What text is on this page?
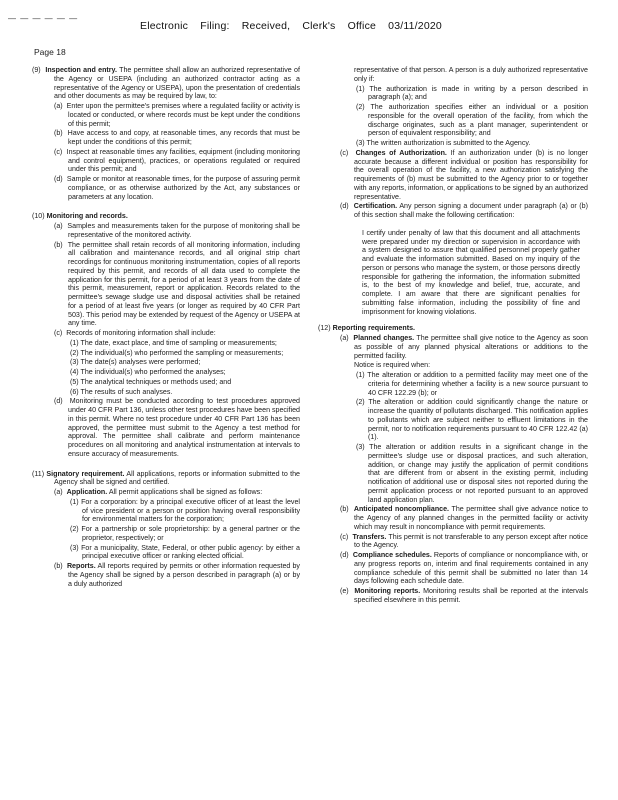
— — — — — —
Electronic Filing: Received, Clerk's Office 03/11/2020
Page 18
(9) Inspection and entry. The permittee shall allow an authorized representative of the Agency or USEPA (including an authorized contractor acting as a representative of the Agency or USEPA), upon the presentation of credentials and other documents as may be required by law, to:
(a) Enter upon the permittee's premises where a regulated facility or activity is located or conducted, or where records must be kept under the conditions of this permit;
(b) Have access to and copy, at reasonable times, any records that must be kept under the conditions of this permit;
(c) Inspect at reasonable times any facilities, equipment (including monitoring and control equipment), practices, or operations regulated or required under this permit; and
(d) Sample or monitor at reasonable times, for the purpose of assuring permit compliance, or as otherwise authorized by the Act, any substances or parameters at any location.
(10) Monitoring and records.
(a) Samples and measurements taken for the purpose of monitoring shall be representative of the monitored activity.
(b) The permittee shall retain records of all monitoring information, including all calibration and maintenance records, and all original strip chart recordings for continuous monitoring instrumentation, copies of all reports required by this permit, and records of all data used to complete the application for this permit, for a period of at least 3 years from the date of this permit, measurement, report or application. Records related to the permittee's sewage sludge use and disposal activities shall be retained for a period of at least five years (or longer as required by 40 CFR Part 503). This period may be extended by request of the Agency or USEPA at any time.
(c) Records of monitoring information shall include:
(1) The date, exact place, and time of sampling or measurements;
(2) The individual(s) who performed the sampling or measurements;
(3) The date(s) analyses were performed;
(4) The individual(s) who performed the analyses;
(5) The analytical techniques or methods used; and
(6) The results of such analyses.
(d) Monitoring must be conducted according to test procedures approved under 40 CFR Part 136, unless other test procedures have been specified in this permit. Where no test procedure under 40 CFR Part 136 has been approved, the permittee must submit to the Agency a test method for approval. The permittee shall calibrate and perform maintenance procedures on all monitoring and analytical instrumentation at intervals to ensure accuracy of measurements.
(11) Signatory requirement. All applications, reports or information submitted to the Agency shall be signed and certified.
(a) Application. All permit applications shall be signed as follows:
(1) For a corporation: by a principal executive officer of at least the level of vice president or a person or position having overall responsibility for environmental matters for the corporation;
(2) For a partnership or sole proprietorship: by a general partner or the proprietor, respectively; or
(3) For a municipality, State, Federal, or other public agency: by either a principal executive officer or ranking elected official.
(b) Reports. All reports required by permits or other information requested by the Agency shall be signed by a person described in paragraph (a) or by a duly authorized
representative of that person. A person is a duly authorized representative only if:
(1) The authorization is made in writing by a person described in paragraph (a); and
(2) The authorization specifies either an individual or a position responsible for the overall operation of the facility, from which the discharge originates, such as a plant manager, superintendent or person of equivalent responsibility; and
(3) The written authorization is submitted to the Agency.
(c) Changes of Authorization. If an authorization under (b) is no longer accurate because a different individual or position has responsibility for the overall operation of the facility, a new authorization satisfying the requirements of (b) must be submitted to the Agency prior to or together with any reports, information, or applications to be signed by an authorized representative.
(d) Certification. Any person signing a document under paragraph (a) or (b) of this section shall make the following certification:
I certify under penalty of law that this document and all attachments were prepared under my direction or supervision in accordance with a system designed to assure that qualified personnel properly gather and evaluate the information submitted. Based on my inquiry of the person or persons who manage the system, or those persons directly responsible for gathering the information, the information submitted is, to the best of my knowledge and belief, true, accurate, and complete. I am aware that there are significant penalties for submitting false information, including the possibility of fine and imprisonment for knowing violations.
(12) Reporting requirements.
(a) Planned changes. The permittee shall give notice to the Agency as soon as possible of any planned physical alterations or additions to the permitted facility.
Notice is required when:
(1) The alteration or addition to a permitted facility may meet one of the criteria for determining whether a facility is a new source pursuant to 40 CFR 122.29 (b); or
(2) The alteration or addition could significantly change the nature or increase the quantity of pollutants discharged. This notification applies to pollutants which are subject neither to effluent limitations in the permit, nor to notification requirements pursuant to 40 CFR 122.42 (a)(1).
(3) The alteration or addition results in a significant change in the permittee's sludge use or disposal practices, and such alteration, addition, or change may justify the application of permit conditions that are different from or absent in the existing permit, including notification of additional use or disposal sites not reported during the permit application process or not reported pursuant to an approved land application plan.
(b) Anticipated noncompliance. The permittee shall give advance notice to the Agency of any planned changes in the permitted facility or activity which may result in noncompliance with permit requirements.
(c) Transfers. This permit is not transferable to any person except after notice to the Agency.
(d) Compliance schedules. Reports of compliance or noncompliance with, or any progress reports on, interim and final requirements contained in any compliance schedule of this permit shall be submitted no later than 14 days following each schedule date.
(e) Monitoring reports. Monitoring results shall be reported at the intervals specified elsewhere in this permit.
